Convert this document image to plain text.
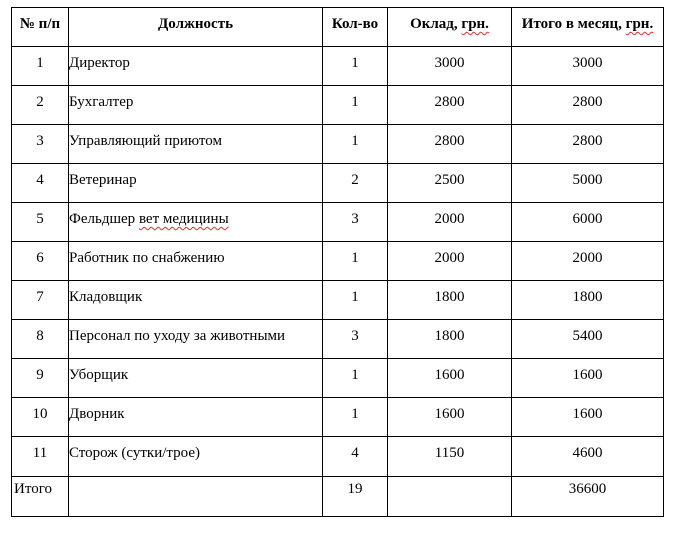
№ п/п	Должность	Кол-во	Оклад, грн.	Итого в месяц, грн.
1	Директор	1	3000	3000
2	Бухгалтер	1	2800	2800
3	Управляющий приютом	1	2800	2800
4	Ветеринар	2	2500	5000
5	Фельдшер вет медицины	3	2000	6000
6	Работник по снабжению	1	2000	2000
7	Кладовщик	1	1800	1800
8	Персонал по уходу за животными	3	1800	5400
9	Уборщик	1	1600	1600
10	Дворник	1	1600	1600
11	Сторож (сутки/трое)	4	1150	4600
Итого		19		36600
